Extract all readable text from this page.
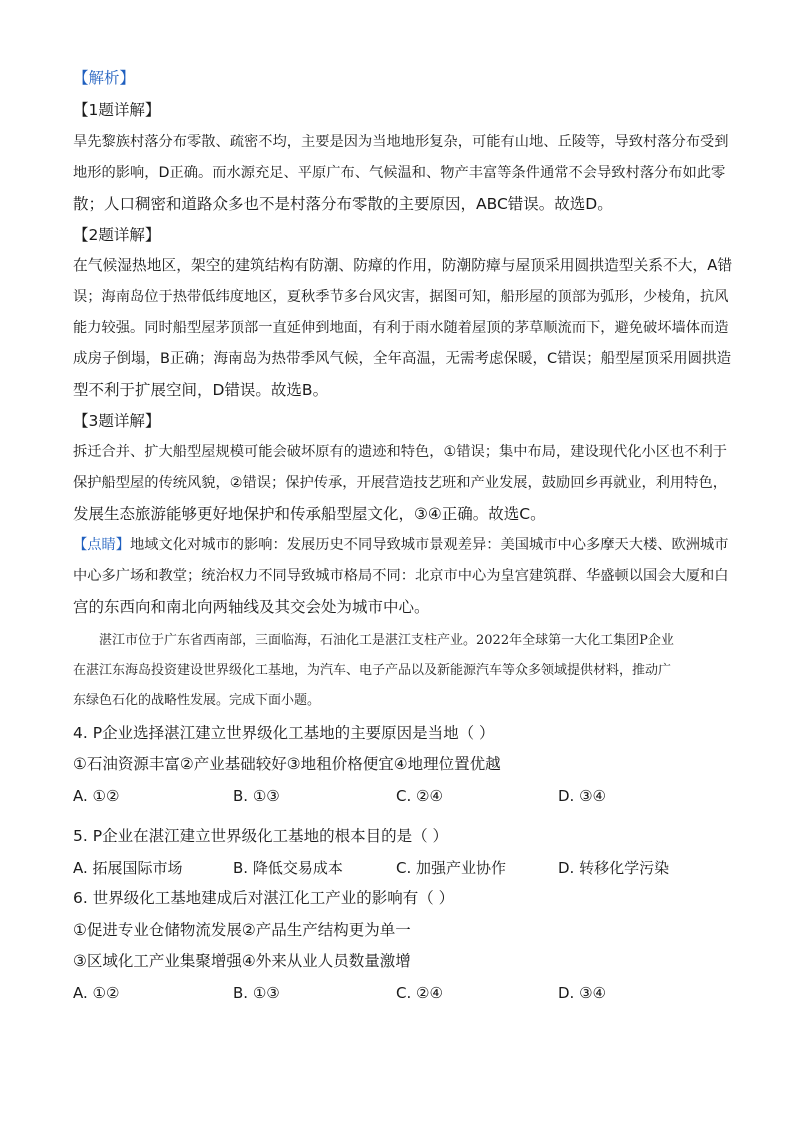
【解析】
【1题详解】
旱先黎族村落分布零散、疏密不均，主要是因为当地地形复杂，可能有山地、丘陵等，导致村落分布受到
地形的影响，D正确。而水源充足、平原广布、气候温和、物产丰富等条件通常不会导致村落分布如此零
散；人口稠密和道路众多也不是村落分布零散的主要原因，ABC错误。故选D。
【2题详解】
在气候湿热地区，架空的建筑结构有防潮、防瘴的作用，防潮防瘴与屋顶采用圆拱造型关系不大，A错
误；海南岛位于热带低纬度地区，夏秋季节多台风灾害，据图可知，船形屋的顶部为弧形，少棱角，抗风
能力较强。同时船型屋茅顶部一直延伸到地面，有利于雨水随着屋顶的茅草顺流而下，避免破坏墙体而造
成房子倒塌，B正确；海南岛为热带季风气候，全年高温，无需考虑保暖，C错误；船型屋顶采用圆拱造
型不利于扩展空间，D错误。故选B。
【3题详解】
拆迁合并、扩大船型屋规模可能会破坏原有的遗迹和特色，①错误；集中布局，建设现代化小区也不利于
保护船型屋的传统风貌，②错误；保护传承，开展营造技艺班和产业发展，鼓励回乡再就业，利用特色，
发展生态旅游能够更好地保护和传承船型屋文化，③④正确。故选C。
【点睛】地域文化对城市的影响：发展历史不同导致城市景观差异：美国城市中心多摩天大楼、欧洲城市
中心多广场和教堂；统治权力不同导致城市格局不同：北京市中心为皇宫建筑群、华盛顿以国会大厦和白
宫的东西向和南北向两轴线及其交会处为城市中心。

湛江市位于广东省西南部，三面临海，石油化工是湛江支柱产业。2022年全球第一大化工集团P企业

在湛江东海岛投资建设世界级化工基地，为汽车、电子产品以及新能源汽车等众多领域提供材料，推动广

东绿色石化的战略性发展。完成下面小题。

4. P企业选择湛江建立世界级化工基地的主要原因是当地（ ）
①石油资源丰富②产业基础较好③地租价格便宜④地理位置优越
A. ①②	B. ①③	C. ②④	D. ③④
5. P企业在湛江建立世界级化工基地的根本目的是（ ）
A. 拓展国际市场	B. 降低交易成本	C. 加强产业协作	D. 转移化学污染
6. 世界级化工基地建成后对湛江化工产业的影响有（ ）
①促进专业仓储物流发展②产品生产结构更为单一
③区域化工产业集聚增强④外来从业人员数量激增
A. ①②	B. ①③	C. ②④	D. ③④
